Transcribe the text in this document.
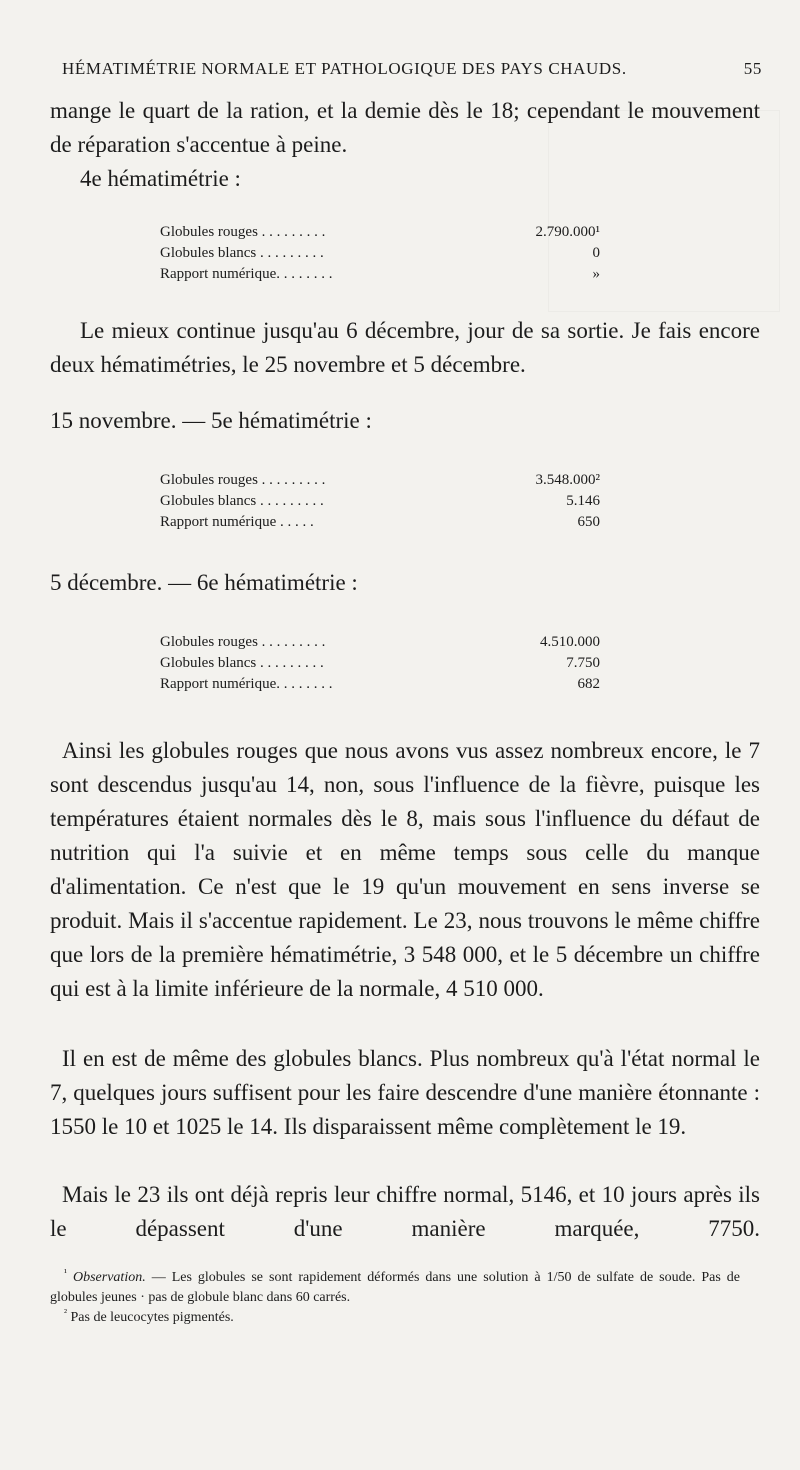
HÉMATIMÉTRIE NORMALE ET PATHOLOGIQUE DES PAYS CHAUDS.	55
mange le quart de la ration, et la demie dès le 18; cependant le mouvement de réparation s'accentue à peine.
4e hématimétrie :
Globules rouges . . . . . . . . .	2.790.000¹
Globules blancs . . . . . . . . .	0
Rapport numérique. . . . . . . .	»
Le mieux continue jusqu'au 6 décembre, jour de sa sortie. Je fais encore deux hématimétries, le 25 novembre et 5 décembre.
15 novembre. — 5e hématimétrie :
Globules rouges . . . . . . . . .	3.548.000²
Globules blancs . . . . . . . . .	5.146
Rapport numérique . . . . .	650
5 décembre. — 6e hématimétrie :
Globules rouges . . . . . . . . .	4.510.000
Globules blancs . . . . . . . . .	7.750
Rapport numérique. . . . . . . .	682
Ainsi les globules rouges que nous avons vus assez nombreux encore, le 7 sont descendus jusqu'au 14, non, sous l'influence de la fièvre, puisque les températures étaient normales dès le 8, mais sous l'influence du défaut de nutrition qui l'a suivie et en même temps sous celle du manque d'alimentation. Ce n'est que le 19 qu'un mouvement en sens inverse se produit. Mais il s'accentue rapidement. Le 23, nous trouvons le même chiffre que lors de la première hématimétrie, 3 548 000, et le 5 décembre un chiffre qui est à la limite inférieure de la normale, 4 510 000.
Il en est de même des globules blancs. Plus nombreux qu'à l'état normal le 7, quelques jours suffisent pour les faire descendre d'une manière étonnante : 1550 le 10 et 1025 le 14. Ils disparaissent même complètement le 19.
Mais le 23 ils ont déjà repris leur chiffre normal, 5146, et 10 jours après ils le dépassent d'une manière marquée, 7750.
$^{^1}$ Observation. — Les globules se sont rapidement déformés dans une solution à 1/50 de sulfate de soude. Pas de globules jeunes · pas de globule blanc dans 60 carrés.
$^{^2}$ Pas de leucocytes pigmentés.
